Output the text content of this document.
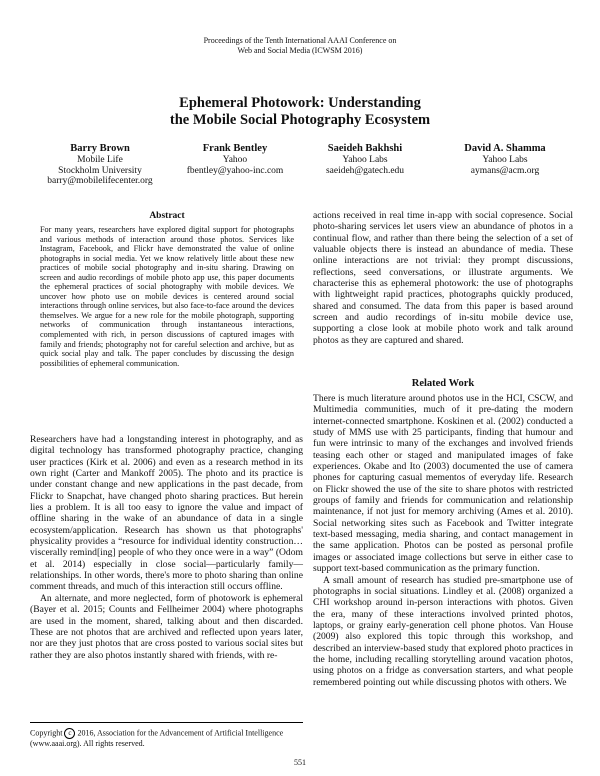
Proceedings of the Tenth International AAAI Conference on
Web and Social Media (ICWSM 2016)
Ephemeral Photowork: Understanding
the Mobile Social Photography Ecosystem
Barry Brown
Mobile Life
Stockholm University
barry@mobilelifecenter.org
Frank Bentley
Yahoo
fbentley@yahoo-inc.com
Saeideh Bakhshi
Yahoo Labs
saeideh@gatech.edu
David A. Shamma
Yahoo Labs
aymans@acm.org
Abstract
For many years, researchers have explored digital support for photographs and various methods of interaction around those photos. Services like Instagram, Facebook, and Flickr have demonstrated the value of online photographs in social media. Yet we know relatively little about these new practices of mobile social photography and in-situ sharing. Drawing on screen and audio recordings of mobile photo app use, this paper documents the ephemeral practices of social photography with mobile devices. We uncover how photo use on mobile devices is centered around social interactions through online services, but also face-to-face around the devices themselves. We argue for a new role for the mobile photograph, supporting networks of communication through instantaneous interactions, complemented with rich, in person discussions of captured images with family and friends; photography not for careful selection and archive, but as quick social play and talk. The paper concludes by discussing the design possibilities of ephemeral communication.

Researchers have had a longstanding interest in photography, and as digital technology has transformed photography practice, changing user practices (Kirk et al. 2006) and even as a research method in its own right (Carter and Mankoff 2005). The photo and its practice is under constant change and new applications in the past decade, from Flickr to Snapchat, have changed photo sharing practices. But herein lies a problem. It is all too easy to ignore the value and impact of offline sharing in the wake of an abundance of data in a single ecosystem/application. Research has shown us that photographs' physicality provides a “resource for individual identity construction… viscerally remind[ing] people of who they once were in a way” (Odom et al. 2014) especially in close social—particularly family—relationships. In other words, there's more to photo sharing than online comment threads, and much of this interaction still occurs offline.

An alternate, and more neglected, form of photowork is ephemeral (Bayer et al. 2015; Counts and Fellheimer 2004) where photographs are used in the moment, shared, talking about and then discarded. These are not photos that are archived and reflected upon years later, nor are they just photos that are cross posted to various social sites but rather they are also photos instantly shared with friends, with re-

Copyright c 2016, Association for the Advancement of Artificial Intelligence (www.aaai.org). All rights reserved.

actions received in real time in-app with social copresence. Social photo-sharing services let users view an abundance of photos in a continual flow, and rather than there being the selection of a set of valuable objects there is instead an abundance of media. These online interactions are not trivial: they prompt discussions, reflections, seed conversations, or illustrate arguments. We characterise this as ephemeral photowork: the use of photographs with lightweight rapid practices, photographs quickly produced, shared and consumed. The data from this paper is based around screen and audio recordings of in-situ mobile device use, supporting a close look at mobile photo work and talk around photos as they are captured and shared.

Related Work

There is much literature around photos use in the HCI, CSCW, and Multimedia communities, much of it pre-dating the modern internet-connected smartphone. Koskinen et al. (2002) conducted a study of MMS use with 25 participants, finding that humour and fun were intrinsic to many of the exchanges and involved friends teasing each other or staged and manipulated images of fake experiences. Okabe and Ito (2003) documented the use of camera phones for capturing casual mementos of everyday life. Research on Flickr showed the use of the site to share photos with restricted groups of family and friends for communication and relationship maintenance, if not just for memory archiving (Ames et al. 2010). Social networking sites such as Facebook and Twitter integrate text-based messaging, media sharing, and contact management in the same application. Photos can be posted as personal profile images or associated image collections but serve in either case to support text-based communication as the primary function.

A small amount of research has studied pre-smartphone use of photographs in social situations. Lindley et al. (2008) organized a CHI workshop around in-person interactions with photos. Given the era, many of these interactions involved printed photos, laptops, or grainy early-generation cell phone photos. Van House (2009) also explored this topic through this workshop, and described an interview-based study that explored photo practices in the home, including recalling storytelling around vacation photos, using photos on a fridge as conversation starters, and what people remembered pointing out while discussing photos with others. We

551
